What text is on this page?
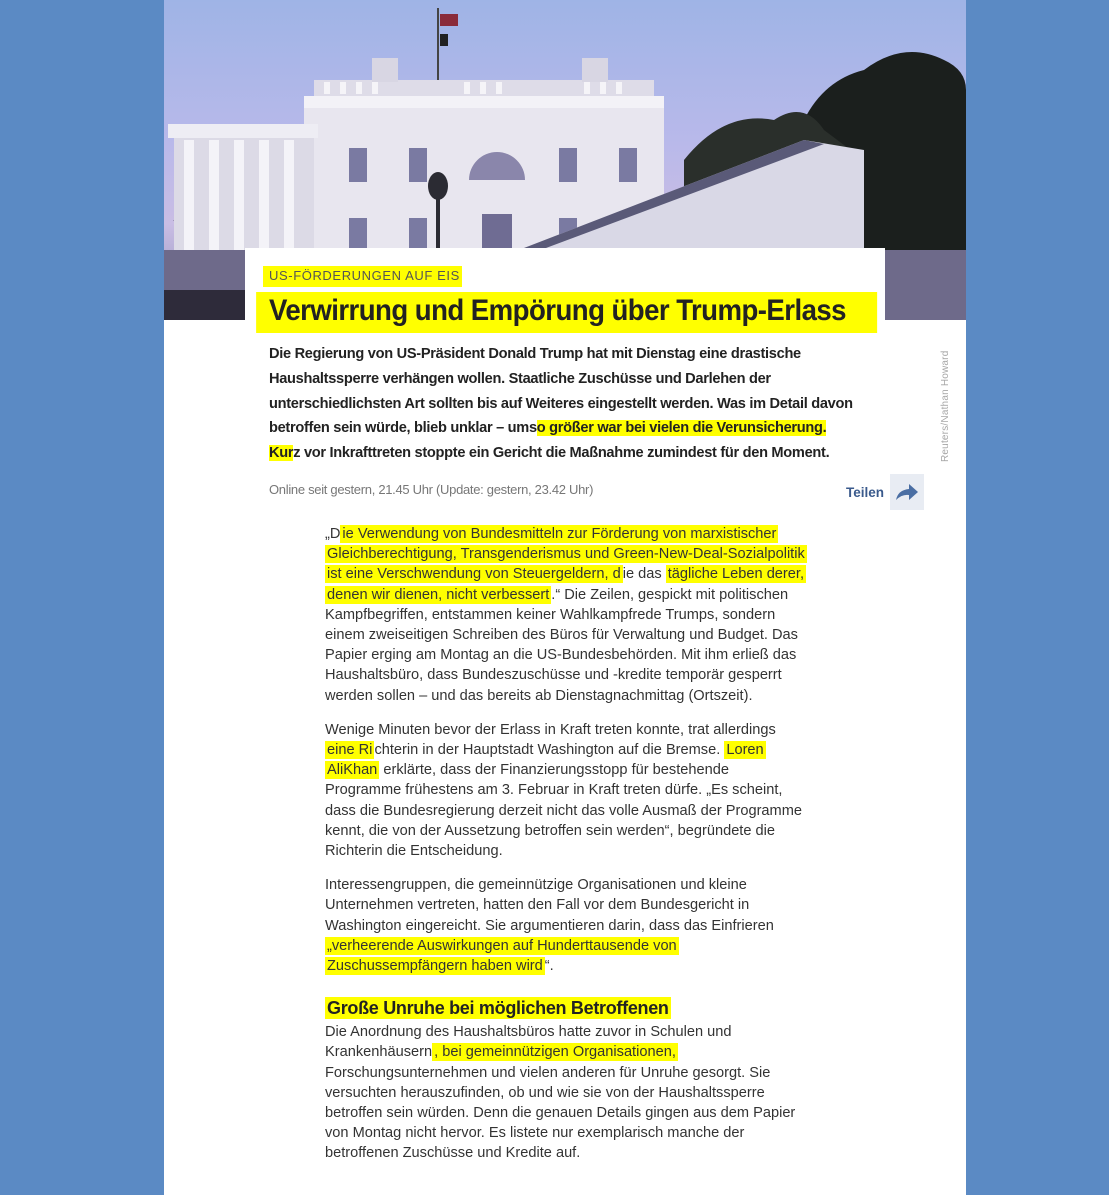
Reuters/Nathan Howard
US-FÖRDERUNGEN AUF EIS
Verwirrung und Empörung über Trump-Erlass
Die Regierung von US-Präsident Donald Trump hat mit Dienstag eine drastische Haushaltssperre verhängen wollen. Staatliche Zuschüsse und Darlehen der unterschiedlichsten Art sollten bis auf Weiteres eingestellt werden. Was im Detail davon betroffen sein würde, blieb unklar – umso größer war bei vielen die Verunsicherung. Kurz vor Inkrafttreten stoppte ein Gericht die Maßnahme zumindest für den Moment.
Online seit gestern, 21.45 Uhr (Update: gestern, 23.42 Uhr)	Teilen

„D ie Verwendung von Bundesmitteln zur Förderung von marxistischer Gleichberechtigung, Transgenderismus und Green-New-Deal-Sozialpolitik ist eine Verschwendung von Steuergeldern, d ie das tägliche Leben derer, denen wir dienen, nicht verbessert .“ Die Zeilen, gespickt mit politischen Kampfbegriffen, entstammen keiner Wahlkampfrede Trumps, sondern einem zweiseitigen Schreiben des Büros für Verwaltung und Budget. Das Papier erging am Montag an die US-Bundesbehörden. Mit ihm erließ das Haushaltsbüro, dass Bundeszuschüsse und -kredite temporär gesperrt werden sollen – und das bereits ab Dienstagnachmittag (Ortszeit).

Wenige Minuten bevor der Erlass in Kraft treten konnte, trat allerdings eine Ri chterin in der Hauptstadt Washington auf die Bremse. Loren AliKhan erklärte, dass der Finanzierungsstopp für bestehende Programme frühestens am 3. Februar in Kraft treten dürfe. „Es scheint, dass die Bundesregierung derzeit nicht das volle Ausmaß der Programme kennt, die von der Aussetzung betroffen sein werden“, begründete die Richterin die Entscheidung.

Interessengruppen, die gemeinnützige Organisationen und kleine Unternehmen vertreten, hatten den Fall vor dem Bundesgericht in Washington eingereicht. Sie argumentieren darin, dass das Einfrieren „verheerende Auswirkungen auf Hunderttausende von Zuschussempfängern haben wird “.

Große Unruhe bei möglichen Betroffenen

Die Anordnung des Haushaltsbüros hatte zuvor in Schulen und Krankenhäusern , bei gemeinnützigen Organisationen, Forschungsunternehmen und vielen anderen für Unruhe gesorgt. Sie versuchten herauszufinden, ob und wie sie von der Haushaltssperre betroffen sein würden. Denn die genauen Details gingen aus dem Papier von Montag nicht hervor. Es listete nur exemplarisch manche der betroffenen Zuschüsse und Kredite auf.
